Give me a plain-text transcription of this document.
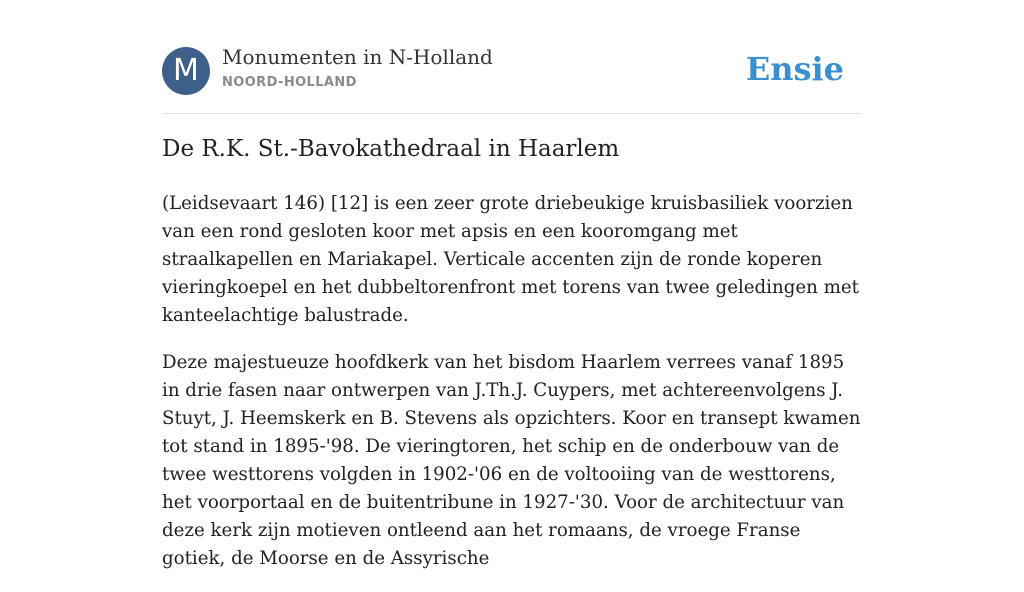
M	Monumenten in N-Holland
NOORD-HOLLAND	Ensie
De R.K. St.-Bavokathedraal in Haarlem

(Leidsevaart 146) [12] is een zeer grote driebeukige kruisbasiliek voorzien van een rond gesloten koor met apsis en een kooromgang met straalkapellen en Mariakapel. Verticale accenten zijn de ronde koperen vieringkoepel en het dubbeltorenfront met torens van twee geledingen met kanteelachtige balustrade.

Deze majestueuze hoofdkerk van het bisdom Haarlem verrees vanaf 1895 in drie fasen naar ontwerpen van J.Th.J. Cuypers, met achtereenvolgens J. Stuyt, J. Heemskerk en B. Stevens als opzichters. Koor en transept kwamen tot stand in 1895-'98. De vieringtoren, het schip en de onderbouw van de twee westtorens volgden in 1902-'06 en de voltooiing van de westtorens, het voorportaal en de buitentribune in 1927-'30. Voor de architectuur van deze kerk zijn motieven ontleend aan het romaans, de vroege Franse gotiek, de Moorse en de Assyrische
